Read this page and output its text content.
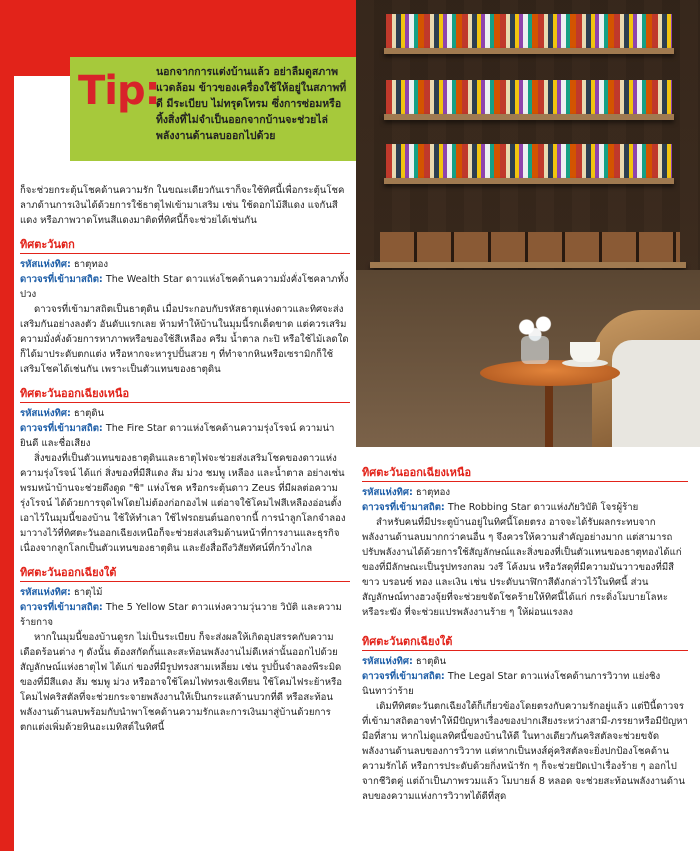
Tip:
นอกจากการแต่งบ้านแล้ว อย่าลืมดูสภาพแวดล้อม ข้าวของเครื่องใช้ให้อยู่ในสภาพที่ดี มีระเบียบ ไม่ทรุดโทรม ซึ่งการซ่อมหรือทิ้งสิ่งที่ไม่จำเป็นออกจากบ้านจะช่วยไล่พลังงานด้านลบออกไปด้วย

ก็จะช่วยกระตุ้นโชคด้านความรัก ในขณะเดียวกันเราก็จะใช้ทิศนี้เพื่อกระตุ้นโชคลาภด้านการเงินได้ด้วยการใช้ธาตุไฟเข้ามาเสริม เช่น ใช้ดอกไม้สีแดง แจกันสีแดง หรือภาพวาดโทนสีแดงมาติดที่ทิศนี้ก็จะช่วยได้เช่นกัน

ทิศตะวันตก
รหัสแห่งทิศ: ธาตุทอง
ดาวจรที่เข้ามาสถิต: The Wealth Star ดาวแห่งโชคด้านความมั่งคั่งโชคลาภทั้งปวง

ดาวจรที่เข้ามาสถิตเป็นธาตุดิน เมื่อประกอบกับรหัสธาตุแห่งดาวและทิศจะส่งเสริมกันอย่างลงตัว อันดับแรกเลย ห้ามทำให้บ้านในมุมนี้รกเด็ดขาด แต่ควรเสริมความมั่งคั่งด้วยการหาภาพหรือของใช้สีเหลือง ครีม น้ำตาล กะปิ หรือใช้ไม้เลดใดก็ได้มาประดับตกแต่ง หรือหากจะหารูปปั้นสวย ๆ ที่ทำจากหินหรือเซรามิกก็ใช้เสริมโชคได้เช่นกัน เพราะเป็นตัวแทนของธาตุดิน

ทิศตะวันออกเฉียงเหนือ
รหัสแห่งทิศ: ธาตุดิน
ดาวจรที่เข้ามาสถิต: The Fire Star ดาวแห่งโชคด้านความรุ่งโรจน์ ความน่ายินดี และชื่อเสียง

สิ่งของที่เป็นตัวแทนของธาตุดินและธาตุไฟจะช่วยส่งเสริมโชคของดาวแห่งความรุ่งโรจน์ ได้แก่ สิ่งของที่มีสีแดง ส้ม ม่วง ชมพู เหลือง และน้ำตาล อย่างเช่น พรมหน้าบ้านจะช่วยดึงดูด "ชิ" แห่งโชค หรือกระตุ้นดาว Zeus ที่มีผลต่อความรุ่งโรจน์ ได้ด้วยการจุดไฟโดยไม่ต้องก่อกองไฟ แต่อาจใช้โคมไฟสีเหลืองอ่อนตั้งเอาไว้ในมุมนี้ของบ้าน ใช้ให้ทำเลา ใช้ไฟรถยนต์นอกจากนี้ การนำลูกโลกจำลองมาวางไว้ที่ทิศตะวันออกเฉียงเหนือก็จะช่วยส่งเสริมด้านหน้าที่การงานและธุรกิจ เนื่องจากลูกโลกเป็นตัวแทนของธาตุดิน และยังสื่อถึงวิสัยทัศน์ที่กว้างไกล

ทิศตะวันออกเฉียงใต้
รหัสแห่งทิศ: ธาตุไม้
ดาวจรที่เข้ามาสถิต: The 5 Yellow Star ดาวแห่งความวุ่นวาย วิบัติ และความร้ายกาจ

หากในมุมนี้ของบ้านดูรก ไม่เป็นระเบียบ ก็จะส่งผลให้เกิดอุปสรรคกับความเดือดร้อนต่าง ๆ ดังนั้น ต้องสกัดกั้นและสะท้อนพลังงานไม่ดีเหล่านั้นออกไปด้วยสัญลักษณ์แห่งธาตุไฟ ได้แก่ ของที่มีรูปทรงสามเหลี่ยม เช่น รูปปั้นจำลองพีระมิด ของที่มีสีแดง ส้ม ชมพู ม่วง หรืออาจใช้โคมไฟทรงเชิงเทียน ใช้โคมไฟระย้าหรือโคมไฟคริสตัลที่จะช่วยกระจายพลังงานให้เป็นกระแสด้านบวกที่ดี หรือสะท้อนพลังงานด้านลบพร้อมกับนำพาโชคด้านความรักและการเงินมาสู่บ้านด้วยการตกแต่งเพิ่มด้วยหินอะเมทิสต์ในทิศนี้

ทิศตะวันออกเฉียงเหนือ
รหัสแห่งทิศ: ธาตุทอง
ดาวจรที่เข้ามาสถิต: The Robbing Star ดาวแห่งภัยวิบัติ โจรผู้ร้าย

สำหรับคนที่มีประตูบ้านอยู่ในทิศนี้โดยตรง อาจจะได้รับผลกระทบจากพลังงานด้านลบมากกว่าคนอื่น ๆ จึงควรให้ความสำคัญอย่างมาก แต่สามารถปรับพลังงานได้ด้วยการใช้สัญลักษณ์และสิ่งของที่เป็นตัวแทนของธาตุทองได้แก่ ของที่มีลักษณะเป็นรูปทรงกลม วงรี โค้งมน หรือวัสดุที่มีความมันวาวของที่มีสีขาว บรอนซ์ ทอง และเงิน เช่น ประดับนาฬิกาสีดังกล่าวไว้ในทิศนี้ ส่วนสัญลักษณ์ทางฮวงจุ้ยที่จะช่วยขจัดโชคร้ายให้ทิศนี้ได้แก่ กระดิ่งโมบายโลหะ หรือระฆัง ที่จะช่วยแปรพลังงานร้าย ๆ ให้ผ่อนแรงลง

ทิศตะวันตกเฉียงใต้
รหัสแห่งทิศ: ธาตุดิน
ดาวจรที่เข้ามาสถิต: The Legal Star ดาวแห่งโชคด้านการวิวาท แย่งชิง นินทาว่าร้าย

เดิมทีทิศตะวันตกเฉียงใต้ก็เกี่ยวข้องโดยตรงกับความรักอยู่แล้ว แต่ปีนี้ดาวจรที่เข้ามาสถิตอาจทำให้มีปัญหาเรื่องของปากเสียงระหว่างสามี-ภรรยาหรือมีปัญหามือที่สาม หากไม่ดูแลทิศนี้ของบ้านให้ดี ในทางเดียวกันคริสตัลจะช่วยขจัดพลังงานด้านลบของการวิวาท แต่หากเป็นหงส์คู่คริสตัลจะยิ่งปกป้องโชคด้านความรักได้ หรือการประดับด้วยกิ่งหน้ารัก ๆ ก็จะช่วยปัดเป่าเรื่องร้าย ๆ ออกไปจากชีวิตคู่ แต่ถ้าเป็นภาพรวมแล้ว โมบายล์ 8 หลอด จะช่วยสะท้อนพลังงานด้านลบของความแห่งการวิวาทได้ดีที่สุด
